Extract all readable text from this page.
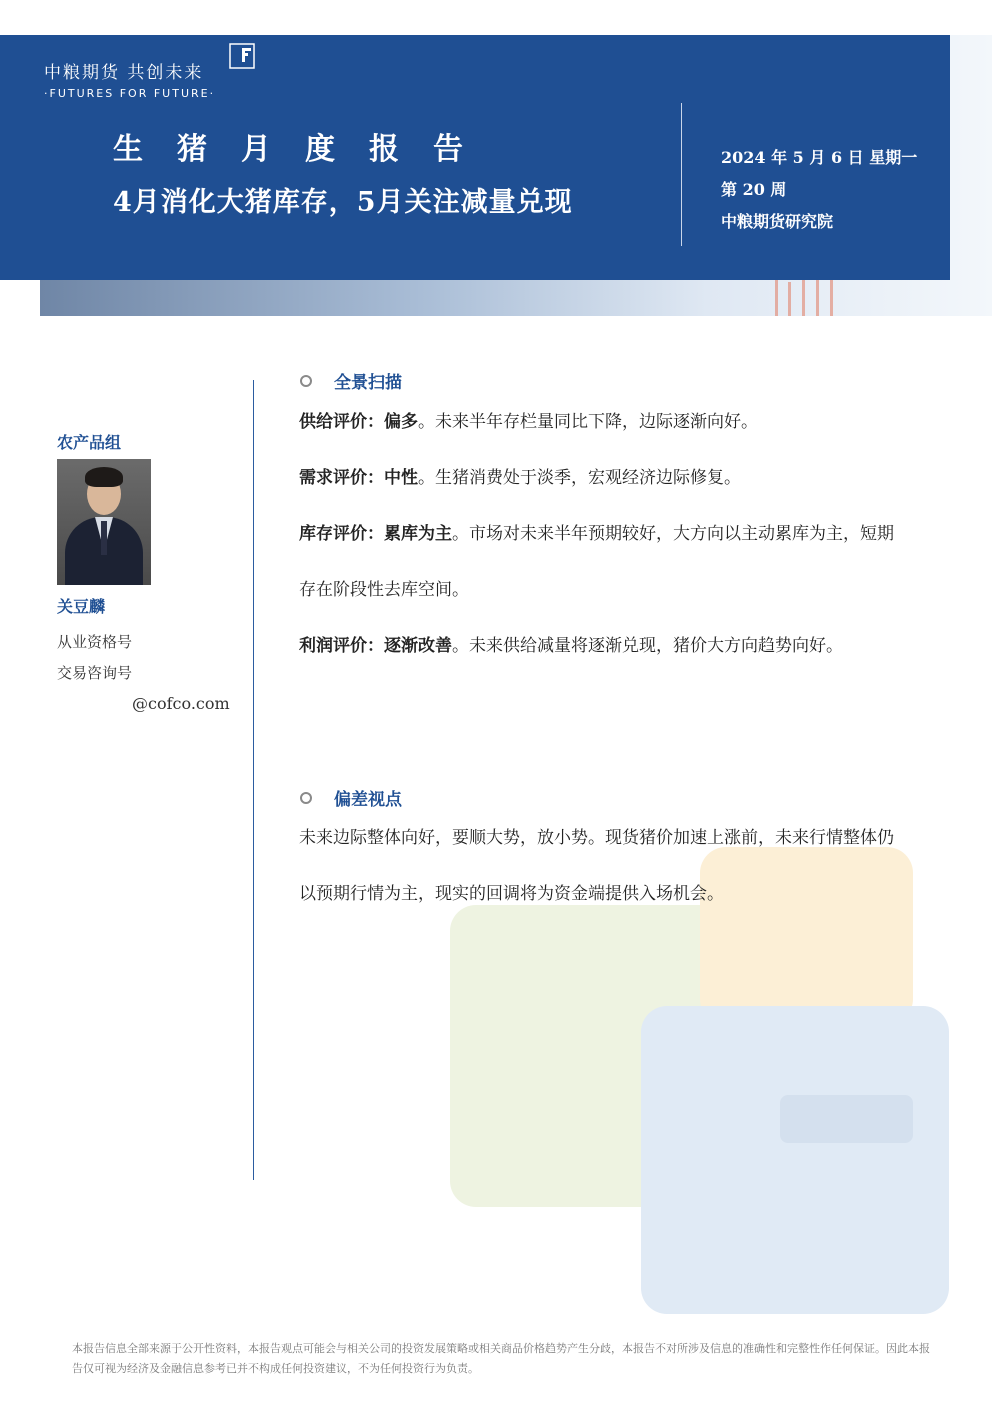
中粮期货 共创未来
·FUTURES FOR FUTURE·
生猪月度报告
4月消化大猪库存，5月关注减量兑现
2024 年 5 月 6 日 星期一
第 20 周
中粮期货研究院
农产品组
关豆麟
从业资格号
交易咨询号
@cofco.com
全景扫描
供给评价：偏多。未来半年存栏量同比下降，边际逐渐向好。
需求评价：中性。生猪消费处于淡季，宏观经济边际修复。
库存评价：累库为主。市场对未来半年预期较好，大方向以主动累库为主，短期存在阶段性去库空间。
利润评价：逐渐改善。未来供给减量将逐渐兑现，猪价大方向趋势向好。
偏差视点
未来边际整体向好，要顺大势，放小势。现货猪价加速上涨前，未来行情整体仍以预期行情为主，现实的回调将为资金端提供入场机会。
本报告信息全部来源于公开性资料，本报告观点可能会与相关公司的投资发展策略或相关商品价格趋势产生分歧，本报告不对所涉及信息的准确性和完整性作任何保证。因此本报告仅可视为经济及金融信息参考已并不构成任何投资建议，不为任何投资行为负责。
